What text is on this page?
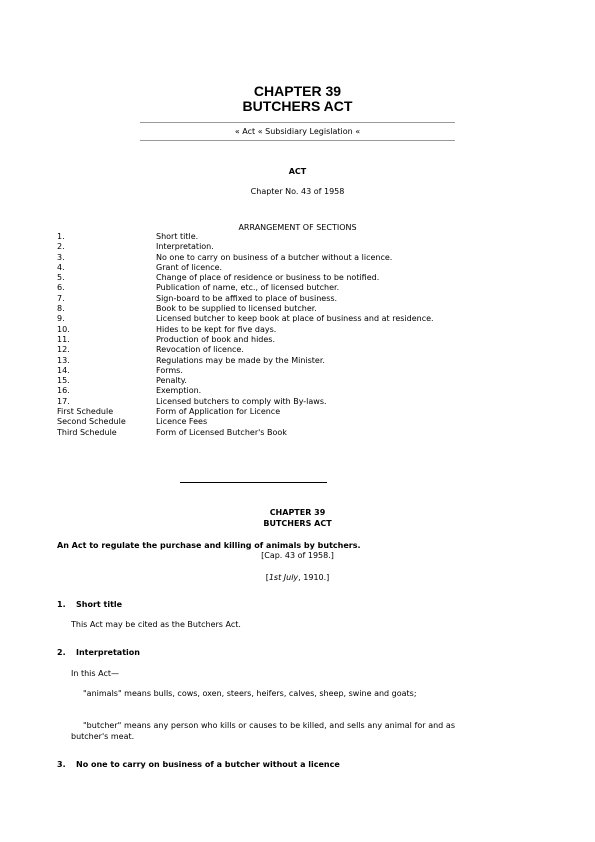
CHAPTER 39
BUTCHERS ACT
« Act « Subsidiary Legislation «
ACT
Chapter No. 43 of 1958
ARRANGEMENT OF SECTIONS
1.	Short title.
2.	Interpretation.
3.	No one to carry on business of a butcher without a licence.
4.	Grant of licence.
5.	Change of place of residence or business to be notified.
6.	Publication of name, etc., of licensed butcher.
7.	Sign-board to be affixed to place of business.
8.	Book to be supplied to licensed butcher.
9.	Licensed butcher to keep book at place of business and at residence.
10.	Hides to be kept for five days.
11.	Production of book and hides.
12.	Revocation of licence.
13.	Regulations may be made by the Minister.
14.	Forms.
15.	Penalty.
16.	Exemption.
17.	Licensed butchers to comply with By-laws.
First Schedule	Form of Application for Licence
Second Schedule	Licence Fees
Third Schedule	Form of Licensed Butcher's Book
CHAPTER 39
BUTCHERS ACT
An Act to regulate the purchase and killing of animals by butchers.
[Cap. 43 of 1958.]
[1st July, 1910.]
1. Short title
This Act may be cited as the Butchers Act.
2. Interpretation
In this Act—
"animals" means bulls, cows, oxen, steers, heifers, calves, sheep, swine and goats;
"butcher" means any person who kills or causes to be killed, and sells any animal for and as butcher's meat.
3. No one to carry on business of a butcher without a licence
